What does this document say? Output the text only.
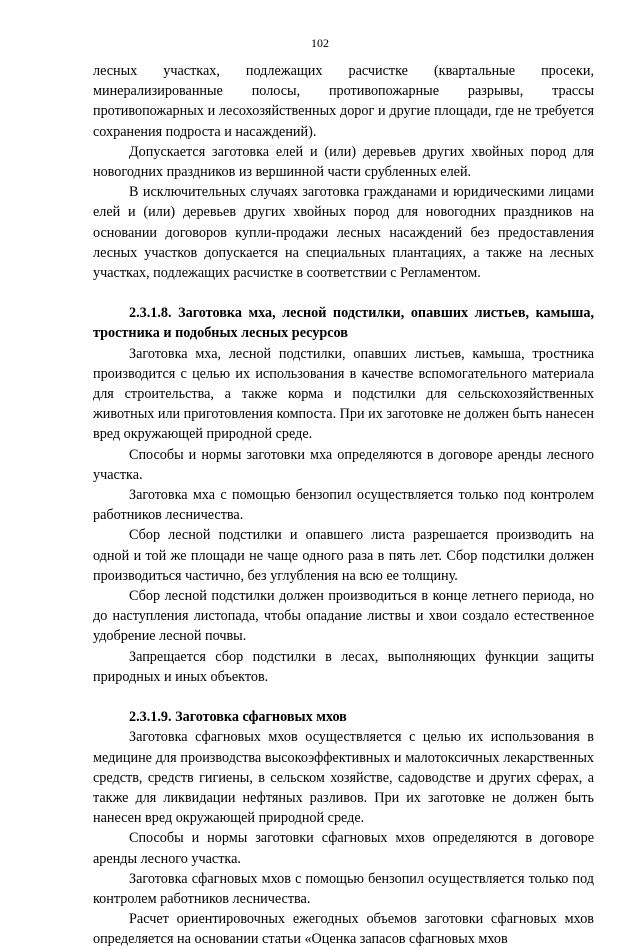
102

лесных участках, подлежащих расчистке (квартальные просеки, минерализированные полосы, противопожарные разрывы, трассы противопожарных и лесохозяйственных дорог и другие площади, где не требуется сохранения подроста и насаждений).

Допускается заготовка елей и (или) деревьев других хвойных пород для новогодних праздников из вершинной части срубленных елей.

В исключительных случаях заготовка гражданами и юридическими лицами елей и (или) деревьев других хвойных пород для новогодних праздников на основании договоров купли-продажи лесных насаждений без предоставления лесных участков допускается на специальных плантациях, а также на лесных участках, подлежащих расчистке в соответствии с Регламентом.

2.3.1.8. Заготовка мха, лесной подстилки, опавших листьев, камыша, тростника и подобных лесных ресурсов

Заготовка мха, лесной подстилки, опавших листьев, камыша, тростника производится с целью их использования в качестве вспомогательного материала для строительства, а также корма и подстилки для сельскохозяйственных животных или приготовления компоста. При их заготовке не должен быть нанесен вред окружающей природной среде.

Способы и нормы заготовки мха определяются в договоре аренды лесного участка.

Заготовка мха с помощью бензопил осуществляется только под контролем работников лесничества.

Сбор лесной подстилки и опавшего листа разрешается производить на одной и той же площади не чаще одного раза в пять лет. Сбор подстилки должен производиться частично, без углубления на всю ее толщину.

Сбор лесной подстилки должен производиться в конце летнего периода, но до наступления листопада, чтобы опадание листвы и хвои создало естественное удобрение лесной почвы.

Запрещается сбор подстилки в лесах, выполняющих функции защиты природных и иных объектов.

2.3.1.9. Заготовка сфагновых мхов

Заготовка сфагновых мхов осуществляется с целью их использования в медицине для производства высокоэффективных и малотоксичных лекарственных средств, средств гигиены, в сельском хозяйстве, садоводстве и других сферах, а также для ликвидации нефтяных разливов. При их заготовке не должен быть нанесен вред окружающей природной среде.

Способы и нормы заготовки сфагновых мхов определяются в договоре аренды лесного участка.

Заготовка сфагновых мхов с помощью бензопил осуществляется только под контролем работников лесничества.

Расчет ориентировочных ежегодных объемов заготовки сфагновых мхов определяется на основании статьи «Оценка запасов сфагновых мхов
